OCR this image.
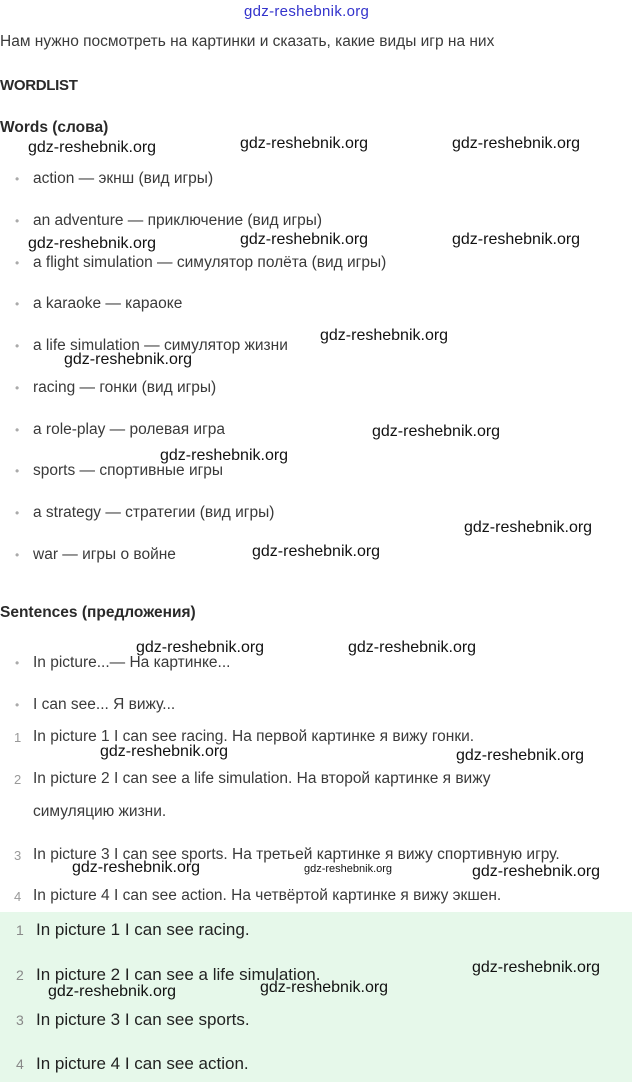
gdz-reshebnik.org
Нам нужно посмотреть на картинки и сказать, какие виды игр на них
WORDLIST
Words (слова)
• action — экнш (вид игры)
• an adventure — приключение (вид игры)
• a flight simulation — симулятор полёта (вид игры)
• a karaoke — караоке
• a life simulation — симулятор жизни
• racing — гонки (вид игры)
• a role-play — ролевая игра
• sports — спортивные игры
• a strategy — стратегии (вид игры)
• war — игры о войне
Sentences (предложения)
• In picture...— На картинке...
• I can see... Я вижу...
1 In picture 1 I can see racing. На первой картинке я вижу гонки.
2 In picture 2 I can see a life simulation. На второй картинке я вижу
симуляцию жизни.
3 In picture 3 I can see sports. На третьей картинке я вижу спортивную игру.
4 In picture 4 I can see action. На четвёртой картинке я вижу экшен.
1 In picture 1 I can see racing.
2 In picture 2 I can see a life simulation.
3 In picture 3 I can see sports.
4 In picture 4 I can see action.
gdz-reshebnik.org	gdz-reshebnik.org	gdz-reshebnik.org
gdz-reshebnik.org	gdz-reshebnik.org	gdz-reshebnik.org
gdz-reshebnik.org
gdz-reshebnik.org
gdz-reshebnik.org
gdz-reshebnik.org
gdz-reshebnik.org
gdz-reshebnik.org
gdz-reshebnik.org	gdz-reshebnik.org
gdz-reshebnik.org	gdz-reshebnik.org
gdz-reshebnik.org	gdz-reshebnik.org	gdz-reshebnik.org
gdz-reshebnik.org
gdz-reshebnik.org	gdz-reshebnik.org
